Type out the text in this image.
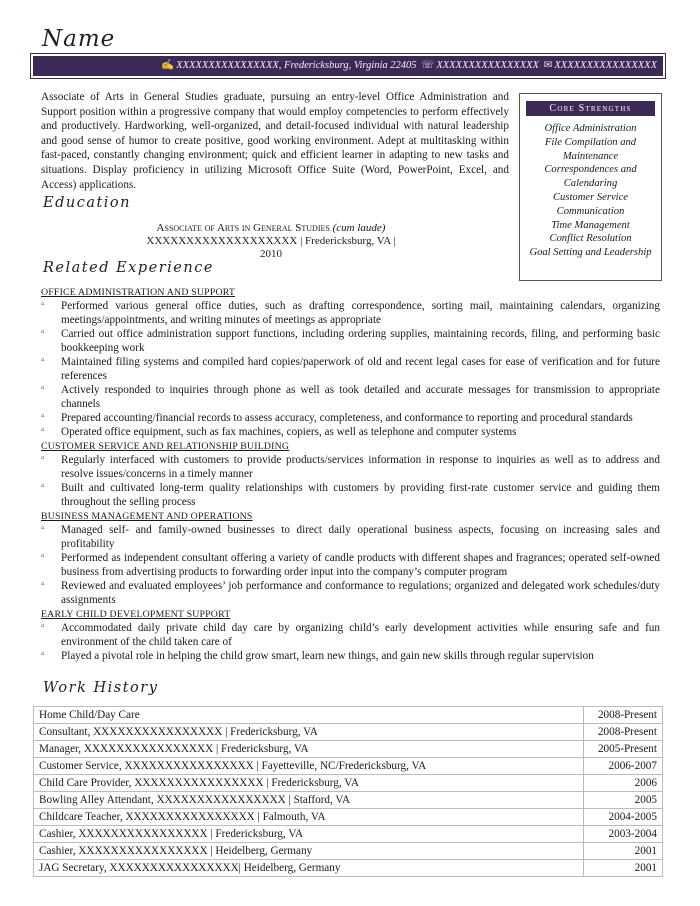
Name
✍ XXXXXXXXXXXXXXXX, Fredericksburg, Virginia 22405 ☏ XXXXXXXXXXXXXXXX ✉ XXXXXXXXXXXXXXXX

Associate of Arts in General Studies graduate, pursuing an entry-level Office Administration and Support position within a progressive company that would employ competencies to perform effectively and productively. Hardworking, well-organized, and detail-focused individual with natural leadership and good sense of humor to create positive, good working environment. Adept at multitasking within fast-paced, constantly changing environment; quick and efficient learner in adapting to new tasks and situations. Display proficiency in utilizing Microsoft Office Suite (Word, PowerPoint, Excel, and Access) applications.

Core Strengths
Office Administration
File Compilation and
Maintenance
Correspondences and
Calendaring
Customer Service
Communication
Time Management
Conflict Resolution
Goal Setting and Leadership
Education
Associate of Arts in General Studies (cum laude)
XXXXXXXXXXXXXXXXXXX | Fredericksburg, VA | 2010
Related Experience
OFFICE ADMINISTRATION AND SUPPORT
▫ Performed various general office duties, such as drafting correspondence, sorting mail, maintaining calendars, organizing meetings/appointments, and writing minutes of meetings as appropriate
▫ Carried out office administration support functions, including ordering supplies, maintaining records, filing, and performing basic bookkeeping work
▫ Maintained filing systems and compiled hard copies/paperwork of old and recent legal cases for ease of verification and for future references
▫ Actively responded to inquiries through phone as well as took detailed and accurate messages for transmission to appropriate channels
▫ Prepared accounting/financial records to assess accuracy, completeness, and conformance to reporting and procedural standards
▫ Operated office equipment, such as fax machines, copiers, as well as telephone and computer systems
CUSTOMER SERVICE AND RELATIONSHIP BUILDING
▫ Regularly interfaced with customers to provide products/services information in response to inquiries as well as to address and resolve issues/concerns in a timely manner
▫ Built and cultivated long-term quality relationships with customers by providing first-rate customer service and guiding them throughout the selling process
BUSINESS MANAGEMENT AND OPERATIONS
▫ Managed self- and family-owned businesses to direct daily operational business aspects, focusing on increasing sales and profitability
▫ Performed as independent consultant offering a variety of candle products with different shapes and fragrances; operated self-owned business from advertising products to forwarding order input into the company’s computer program
▫ Reviewed and evaluated employees’ job performance and conformance to regulations; organized and delegated work schedules/duty assignments
EARLY CHILD DEVELOPMENT SUPPORT
▫ Accommodated daily private child day care by organizing child’s early development activities while ensuring safe and fun environment of the child taken care of
▫ Played a pivotal role in helping the child grow smart, learn new things, and gain new skills through regular supervision
Work History
Home Child/Day Care	2008-Present
Consultant, XXXXXXXXXXXXXXXX | Fredericksburg, VA	2008-Present
Manager, XXXXXXXXXXXXXXXX | Fredericksburg, VA	2005-Present
Customer Service, XXXXXXXXXXXXXXXX | Fayetteville, NC/Fredericksburg, VA	2006-2007
Child Care Provider, XXXXXXXXXXXXXXXX | Fredericksburg, VA	2006
Bowling Alley Attendant, XXXXXXXXXXXXXXXX | Stafford, VA	2005
Childcare Teacher, XXXXXXXXXXXXXXXX | Falmouth, VA	2004-2005
Cashier, XXXXXXXXXXXXXXXX | Fredericksburg, VA	2003-2004
Cashier, XXXXXXXXXXXXXXXX | Heidelberg, Germany	2001
JAG Secretary, XXXXXXXXXXXXXXXX| Heidelberg, Germany	2001
